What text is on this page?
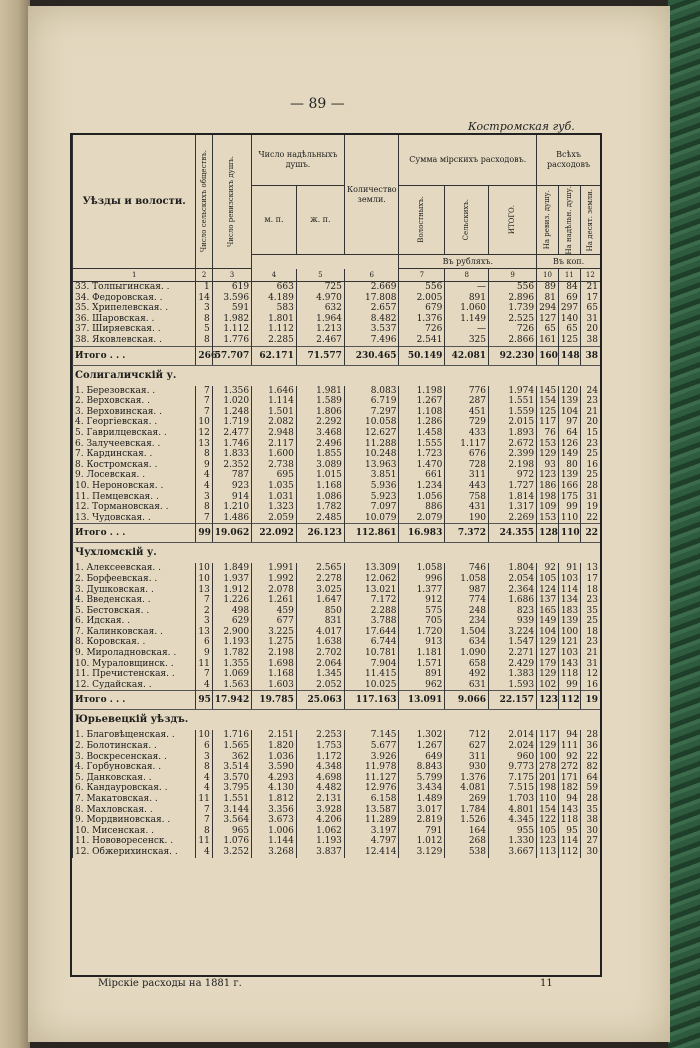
— 89 —
Костромская губ.
Уѣзды и волости.	Число сельскихъ обществъ.	Число ревизскихъ душъ.	Число надѣльныхъ душъ.		Количество земли.	Сумма мірскихъ расходовъ.			Всѣхъ расходовъ		
			м. п.	ж. п.		Волостныхъ.	Сельскихъ.	ИТОГО.	На ревиз. душу.	На надѣльн. душу.	На десят. земли.

						Въ рубляхъ.			Въ коп.		
1	2	3	4	5	6	7	8	9	10	11	12
33. Толпыгинская. .	1	619	663	725	2.669	556	—	556	89	84	21
34. Федоровская. .	14	3.596	4.189	4.970	17.808	2.005	891	2.896	81	69	17
35. Хрипелевская. .	3	591	583	632	2.657	679	1.060	1.739	294	297	65
36. Шаровская. .	8	1.982	1.801	1.964	8.482	1.376	1.149	2.525	127	140	31
37. Ширяевская. .	5	1.112	1.112	1.213	3.537	726	—	726	65	65	20
38. Яковлевская. .	8	1.776	2.285	2.467	7.496	2.541	325	2.866	161	125	38
Итого . . .	266	57.707	62.171	71.577	230.465	50.149	42.081	92.230	160	148	38
Солигаличскій у.											
1. Березовская. .	7	1.356	1.646	1.981	8.083	1.198	776	1.974	145	120	24
2. Верховская. .	7	1.020	1.114	1.589	6.719	1.267	287	1.551	154	139	23
3. Верховинская. .	7	1.248	1.501	1.806	7.297	1.108	451	1.559	125	104	21
4. Георгіевская. .	10	1.719	2.082	2.292	10.058	1.286	729	2.015	117	97	20
5. Гаврилцевская. .	12	2.477	2.948	3.468	12.627	1.458	433	1.893	76	64	15
6. Залучеевская. .	13	1.746	2.117	2.496	11.288	1.555	1.117	2.672	153	126	23
7. Кардинская. .	8	1.833	1.600	1.855	10.248	1.723	676	2.399	129	149	25
8. Костромская. .	9	2.352	2.738	3.089	13.963	1.470	728	2.198	93	80	16
9. Лосевская. .	4	787	695	1.015	3.851	661	311	972	123	139	25
10. Нероновская. .	4	923	1.035	1.168	5.936	1.234	443	1.727	186	166	28
11. Пемцевская. .	3	914	1.031	1.086	5.923	1.056	758	1.814	198	175	31
12. Тормановская. .	8	1.210	1.323	1.782	7.097	886	431	1.317	109	99	19
13. Чудовская. .	7	1.486	2.059	2.485	10.079	2.079	190	2.269	153	110	22
Итого . . .	99	19.062	22.092	26.123	112.861	16.983	7.372	24.355	128	110	22
Чухломскій у.											
1. Алексеевская. .	10	1.849	1.991	2.565	13.309	1.058	746	1.804	92	91	13
2. Борфеевская. .	10	1.937	1.992	2.278	12.062	996	1.058	2.054	105	103	17
3. Душковская. .	13	1.912	2.078	3.025	13.021	1.377	987	2.364	124	114	18
4. Введенская. .	7	1.226	1.261	1.647	7.172	912	774	1.686	137	134	23
5. Бестовская. .	2	498	459	850	2.288	575	248	823	165	183	35
6. Идская. .	3	629	677	831	3.788	705	234	939	149	139	25
7. Калинковская. .	13	2.900	3.225	4.017	17.644	1.720	1.504	3.224	104	100	18
8. Коровская. .	6	1.193	1.275	1.638	6.744	913	634	1.547	129	121	23
9. Мироладновская. .	9	1.782	2.198	2.702	10.781	1.181	1.090	2.271	127	103	21
10. Мураловщинск. .	11	1.355	1.698	2.064	7.904	1.571	658	2.429	179	143	31
11. Пречистенская. .	7	1.069	1.168	1.345	11.415	891	492	1.383	129	118	12
12. Судайская. .	4	1.563	1.603	2.052	10.025	962	631	1.593	102	99	16
Итого . . .	95	17.942	19.785	25.063	117.163	13.091	9.066	22.157	123	112	19
Юрьевецкій уѣздъ.											
1. Благовѣщенская. .	10	1.716	2.151	2.253	7.145	1.302	712	2.014	117	94	28
2. Болотинская. .	6	1.565	1.820	1.753	5.677	1.267	627	2.024	129	111	36
3. Воскресенская. .	3	362	1.036	1.172	3.926	649	311	960	100	92	22
4. Горбуновская. .	8	3.514	3.590	4.348	11.978	8.843	930	9.773	278	272	82
5. Данковская. .	4	3.570	4.293	4.698	11.127	5.799	1.376	7.175	201	171	64
6. Кандауровская. .	4	3.795	4.130	4.482	12.976	3.434	4.081	7.515	198	182	59
7. Макатовская. .	11	1.551	1.812	2.131	6.158	1.489	269	1.703	110	94	28
8. Махловская. .	7	3.144	3.356	3.928	13.587	3.017	1.784	4.801	154	143	35
9. Мордвиновская. .	7	3.564	3.673	4.206	11.289	2.819	1.526	4.345	122	118	38
10. Мисенская. .	8	965	1.006	1.062	3.197	791	164	955	105	95	30
11. Нововоресенск. .	11	1.076	1.144	1.193	4.797	1.012	268	1.330	123	114	27
12. Обжерихинская. .	4	3.252	3.268	3.837	12.414	3.129	538	3.667	113	112	30
Мірскіе расходы на 1881 г.	11
